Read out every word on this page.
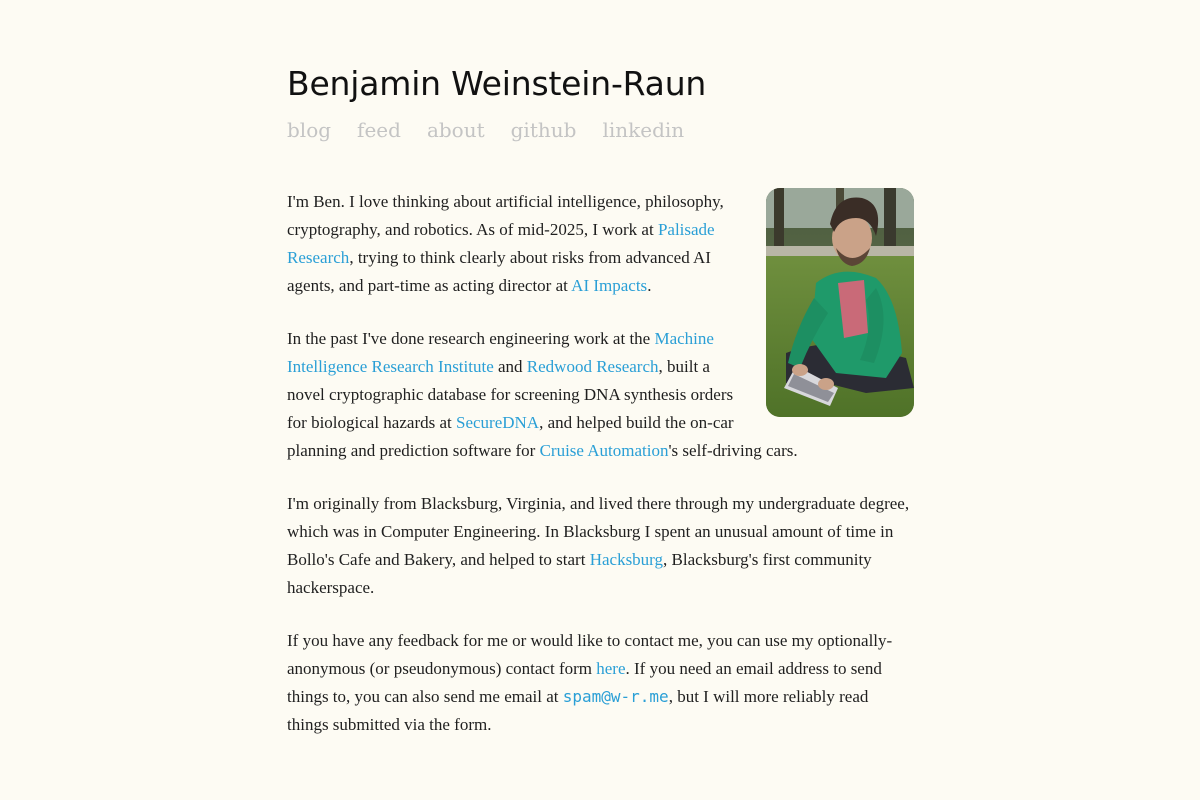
Benjamin Weinstein-Raun
blog feed about github linkedin

I'm Ben. I love thinking about artificial intelligence, philosophy, cryptography, and robotics. As of mid-2025, I work at Palisade Research, trying to think clearly about risks from advanced AI agents, and part-time as acting director at AI Impacts.

In the past I've done research engineering work at the Machine Intelligence Research Institute and Redwood Research, built a novel cryptographic database for screening DNA synthesis orders for biological hazards at SecureDNA, and helped build the on-car planning and prediction software for Cruise Automation's self-driving cars.

I'm originally from Blacksburg, Virginia, and lived there through my undergraduate degree, which was in Computer Engineering. In Blacksburg I spent an unusual amount of time in Bollo's Cafe and Bakery, and helped to start Hacksburg, Blacksburg's first community hackerspace.

If you have any feedback for me or would like to contact me, you can use my optionally-anonymous (or pseudonymous) contact form here. If you need an email address to send things to, you can also send me email at spam@w-r.me, but I will more reliably read things submitted via the form.
